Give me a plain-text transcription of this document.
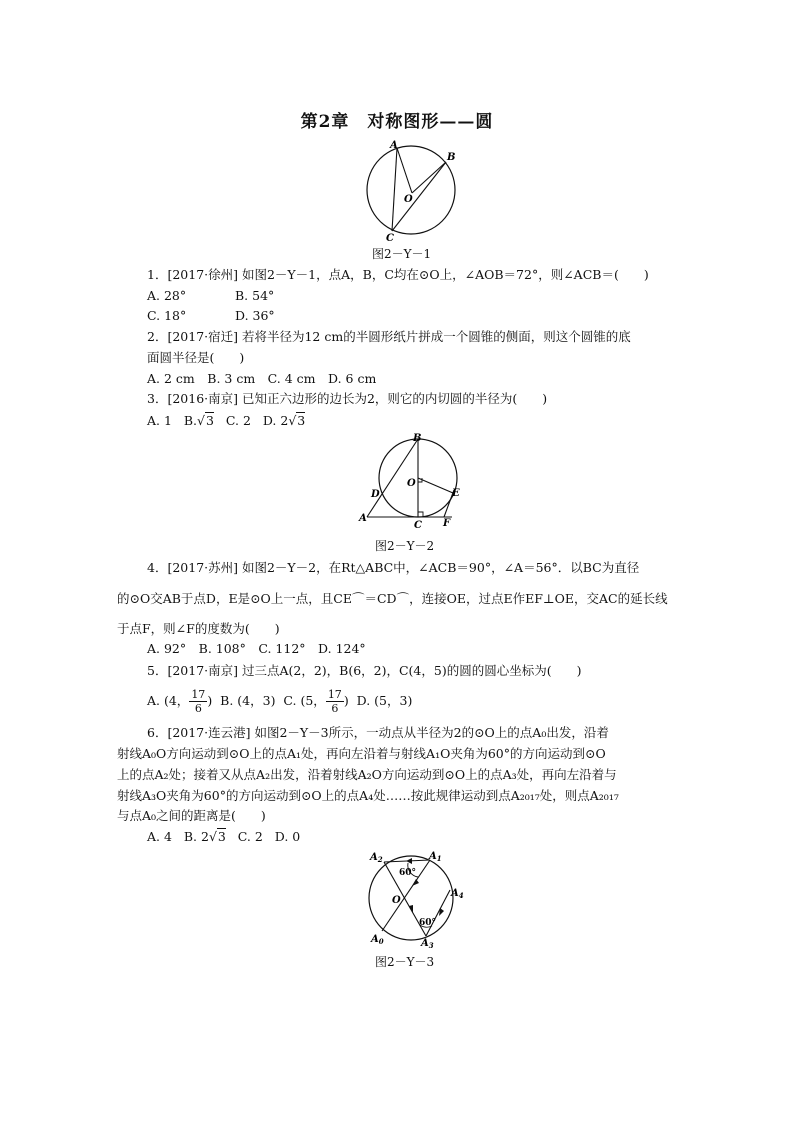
第2章　对称图形——圆
A
B
O
C
图2－Y－1
1．[2017·徐州] 如图2－Y－1，点A，B，C均在⊙O上，∠AOB＝72°，则∠ACB＝(　　)
A. 28°	B. 54°
C. 18°	D. 36°
2．[2017·宿迁] 若将半径为12 cm的半圆形纸片拼成一个圆锥的侧面，则这个圆锥的底
面圆半径是(　　)
A. 2 cm　B. 3 cm　C. 4 cm　D. 6 cm
3．[2016·南京] 已知正六边形的边长为2，则它的内切圆的半径为(　　)
A. 1 B.√3 C. 2 D. 2√3
B
O
D	E
A
C F
图2－Y－2
4．[2017·苏州] 如图2－Y－2，在Rt△ABC中，∠ACB＝90°，∠A＝56°．以BC为直径
的⊙O交AB于点D，E是⊙O上一点，且CE⌒＝CD⌒，连接OE，过点E作EF⊥OE，交AC的延长线
于点F，则∠F的度数为(　　)
A. 92°　B. 108°　C. 112°　D. 124°
5．[2017·南京] 过三点A(2，2)，B(6，2)，C(4，5)的圆的圆心坐标为(　　)
A. (4， $\frac{17}{6}$ ) B. (4，3) C. (5， $\frac{17}{6}$ ) D. (5，3)
6．[2017·连云港] 如图2－Y－3所示，一动点从半径为2的⊙O上的点A₀出发，沿着
射线A₀O方向运动到⊙O上的点A₁处，再向左沿着与射线A₁O夹角为60°的方向运动到⊙O
上的点A₂处；接着又从点A₂出发，沿着射线A₂O方向运动到⊙O上的点A₃处，再向左沿着与
射线A₃O夹角为60°的方向运动到⊙O上的点A₄处……按此规律运动到点A₂₀₁₇处，则点A₂₀₁₇
与点A₀之间的距离是(　　)
A. 4 B. 2√3 C. 2 D. 0
$A_2$	$A_1$
$A_4$
O
$A_0$	$A_3$
60°
60°
图2－Y－3
